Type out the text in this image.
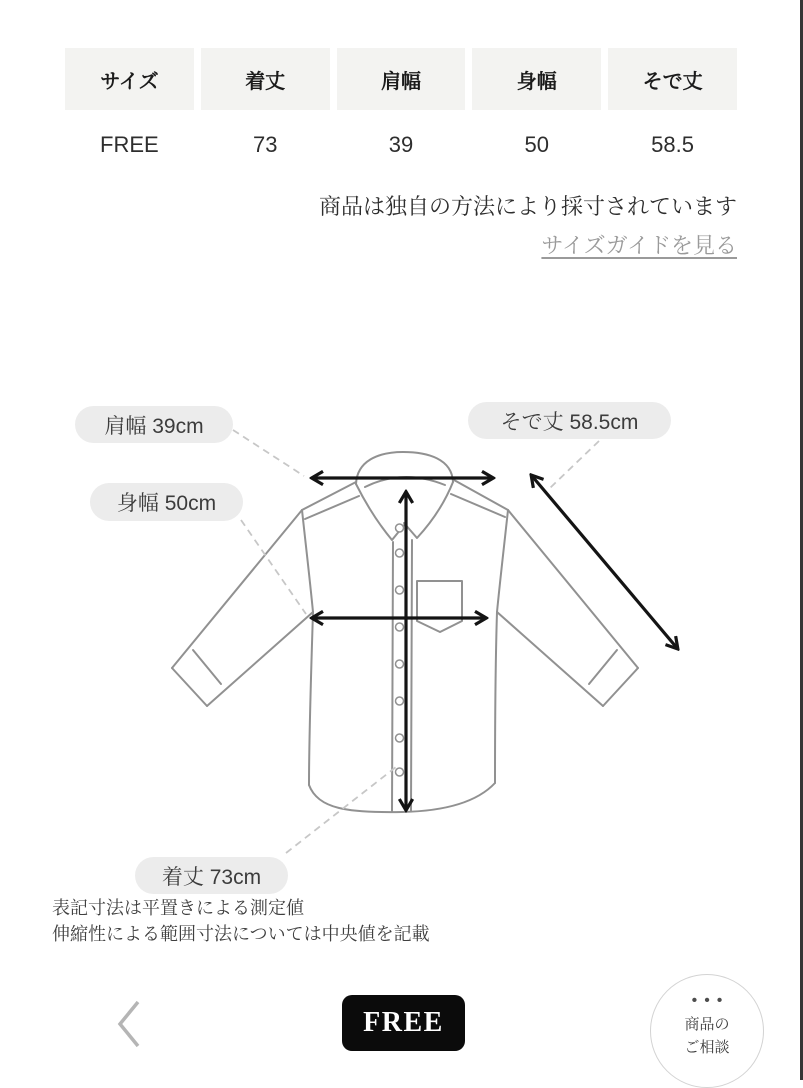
サイズ	着丈	肩幅	身幅	そで丈
FREE	73	39	50	58.5
商品は独自の方法により採寸されています
サイズガイドを見る
肩幅 39cm	そで丈 58.5cm
身幅 50cm
着丈 73cm
表記寸法は平置きによる測定値
伸縮性による範囲寸法については中央値を記載
FREE
•••
商品の
ご相談
